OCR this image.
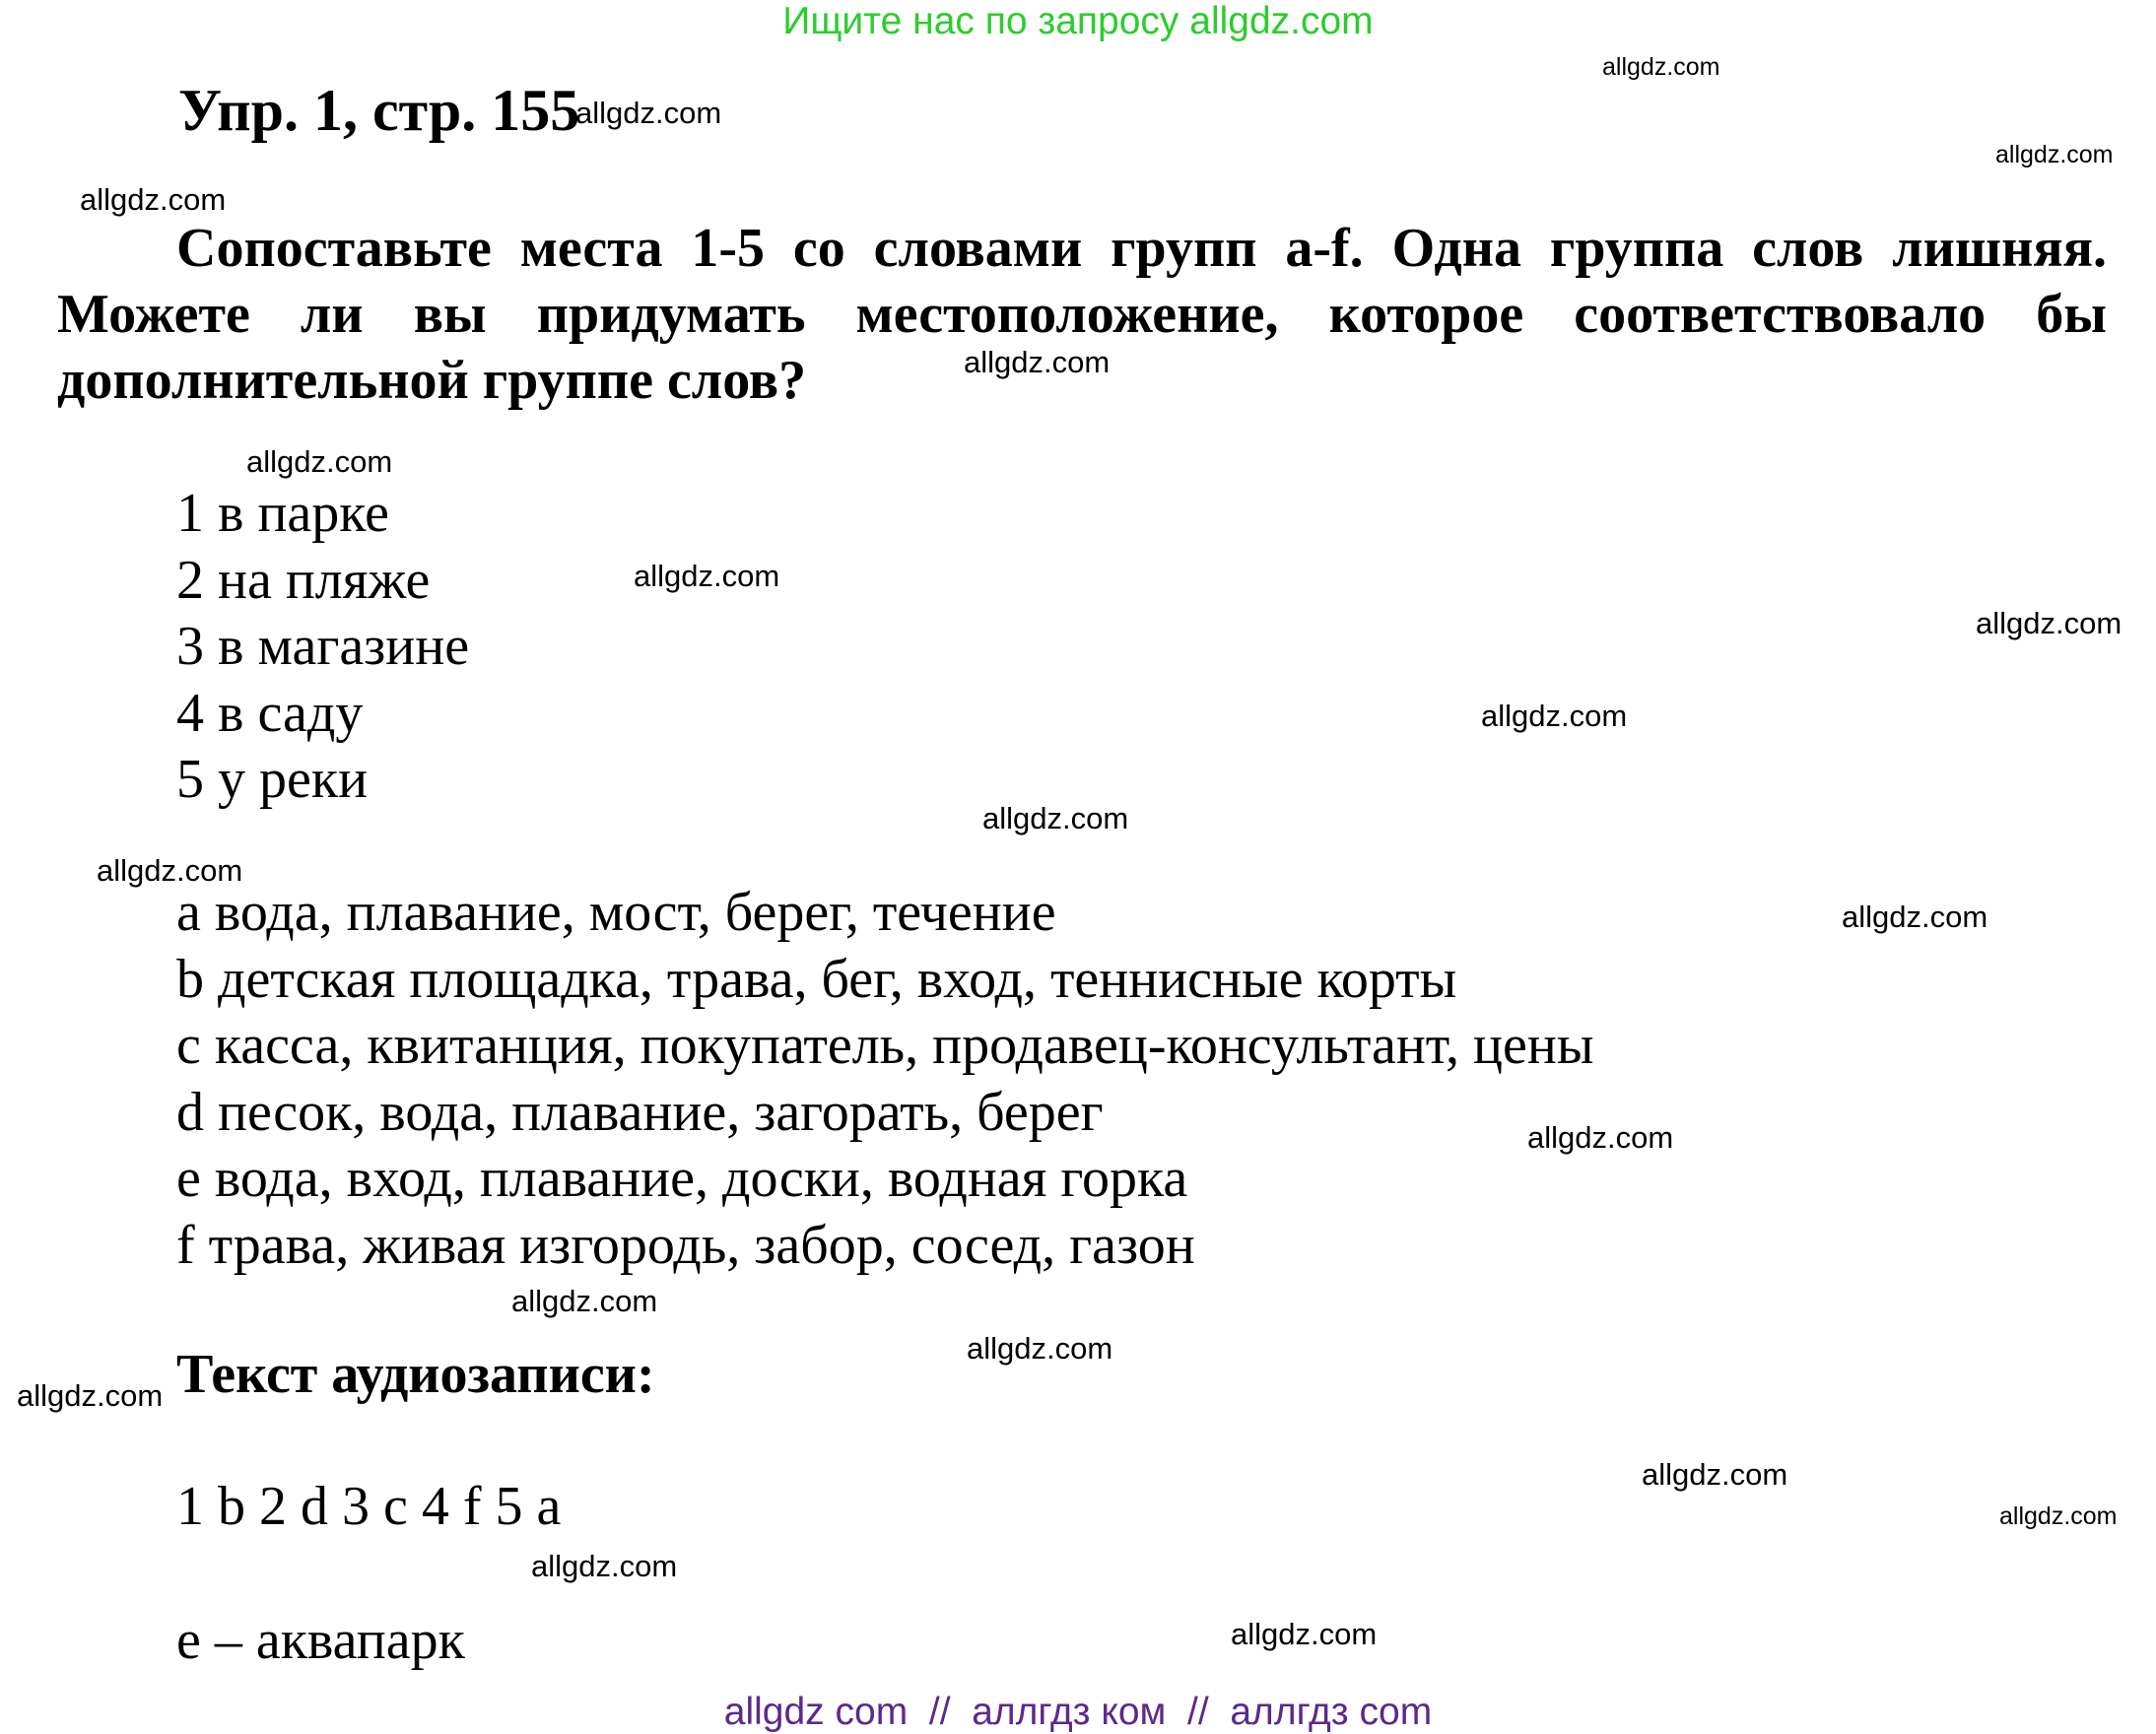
Ищите нас по запросу allgdz.com
Упр. 1, стр. 155
Сопоставьте места 1-5 со словами групп a-f. Одна группа слов лишняя. Можете ли вы придумать местоположение, которое соответствовало бы дополнительной группе слов?
1 в парке
2 на пляже
3 в магазине
4 в саду
5 у реки
a вода, плавание, мост, берег, течение
b детская площадка, трава, бег, вход, теннисные корты
c касса, квитанция, покупатель, продавец-консультант, цены
d песок, вода, плавание, загорать, берег
e вода, вход, плавание, доски, водная горка
f трава, живая изгородь, забор, сосед, газон
Текст аудиозаписи:
1 b 2 d 3 c 4 f 5 a
e – аквапарк
allgdz.com
allgdz.com
allgdz.com
allgdz.com
allgdz.com
allgdz.com
allgdz.com
allgdz.com
allgdz.com
allgdz.com
allgdz.com
allgdz.com
allgdz.com
allgdz.com
allgdz.com
allgdz.com
allgdz.com
allgdz.com
allgdz.com
allgdz.com
allgdz com  //  аллгдз ком  //  аллгдз com
